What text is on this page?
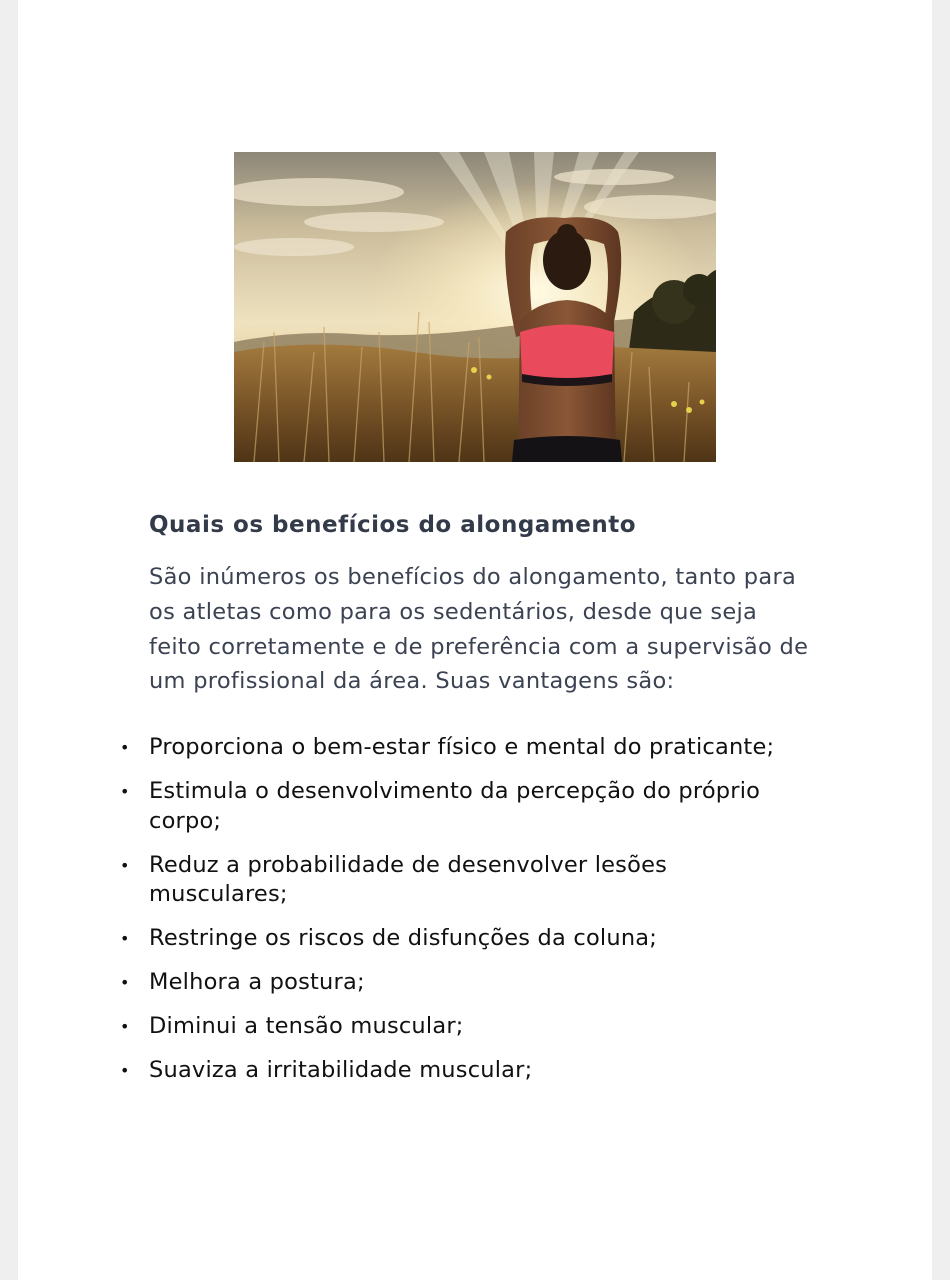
Quais os benefícios do alongamento

São inúmeros os benefícios do alongamento, tanto para os atletas como para os sedentários, desde que seja feito corretamente e de preferência com a supervisão de um profissional da área. Suas vantagens são:

• Proporciona o bem-estar físico e mental do praticante;
• Estimula o desenvolvimento da percepção do próprio corpo;
• Reduz a probabilidade de desenvolver lesões musculares;
• Restringe os riscos de disfunções da coluna;
• Melhora a postura;
• Diminui a tensão muscular;
• Suaviza a irritabilidade muscular;
